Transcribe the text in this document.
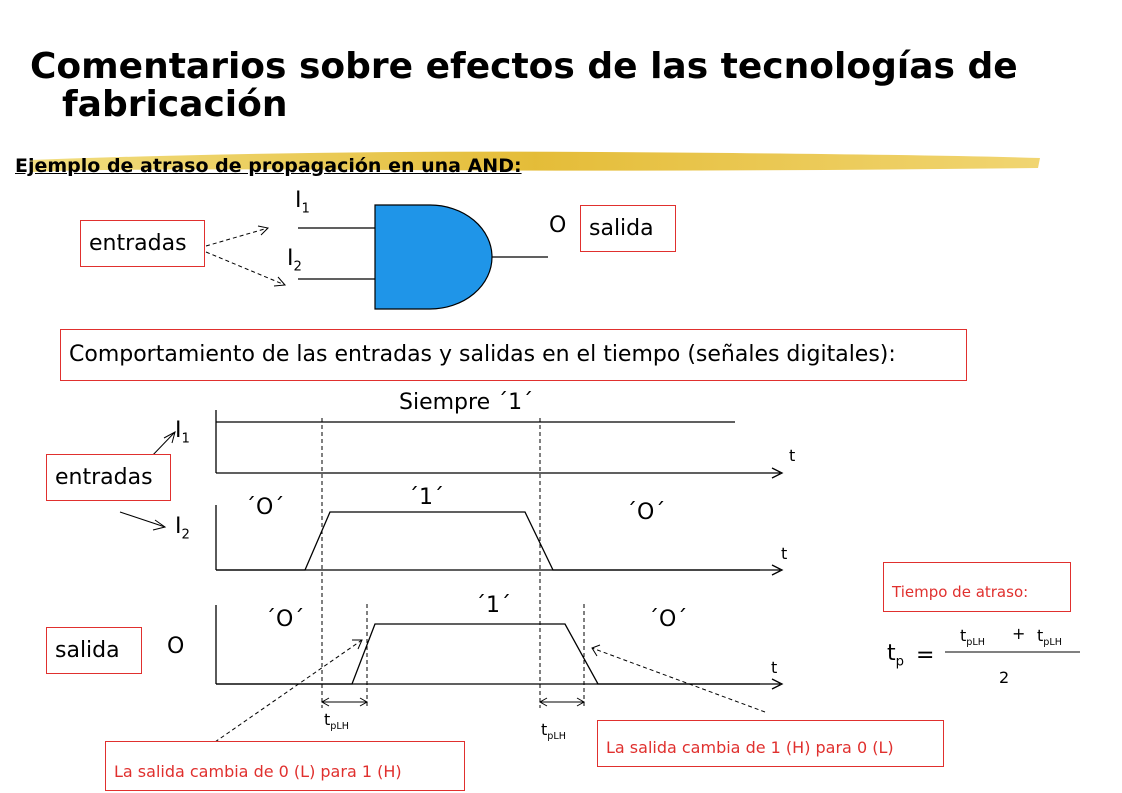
Comentarios sobre efectos de las tecnologías de
fabricación
Ejemplo de atraso de propagación en una AND:
$I_1$
$I_2$
O
entradas
salida
Comportamiento de las entradas y salidas en el tiempo (señales digitales):
Siempre ´1´
$I_1$
$I_2$
O
entradas
salida
´O´	´1´
´O´
´O´
´1´
´O´
t
t
t
$t_{pLH}$	$t_{pLH}$
La salida cambia de 0 (L) para 1 (H)
La salida cambia de 1 (H) para 0 (L)
Tiempo de atraso:
$t_p$ =
$t_{pLH} + t_{pLH}$
2
